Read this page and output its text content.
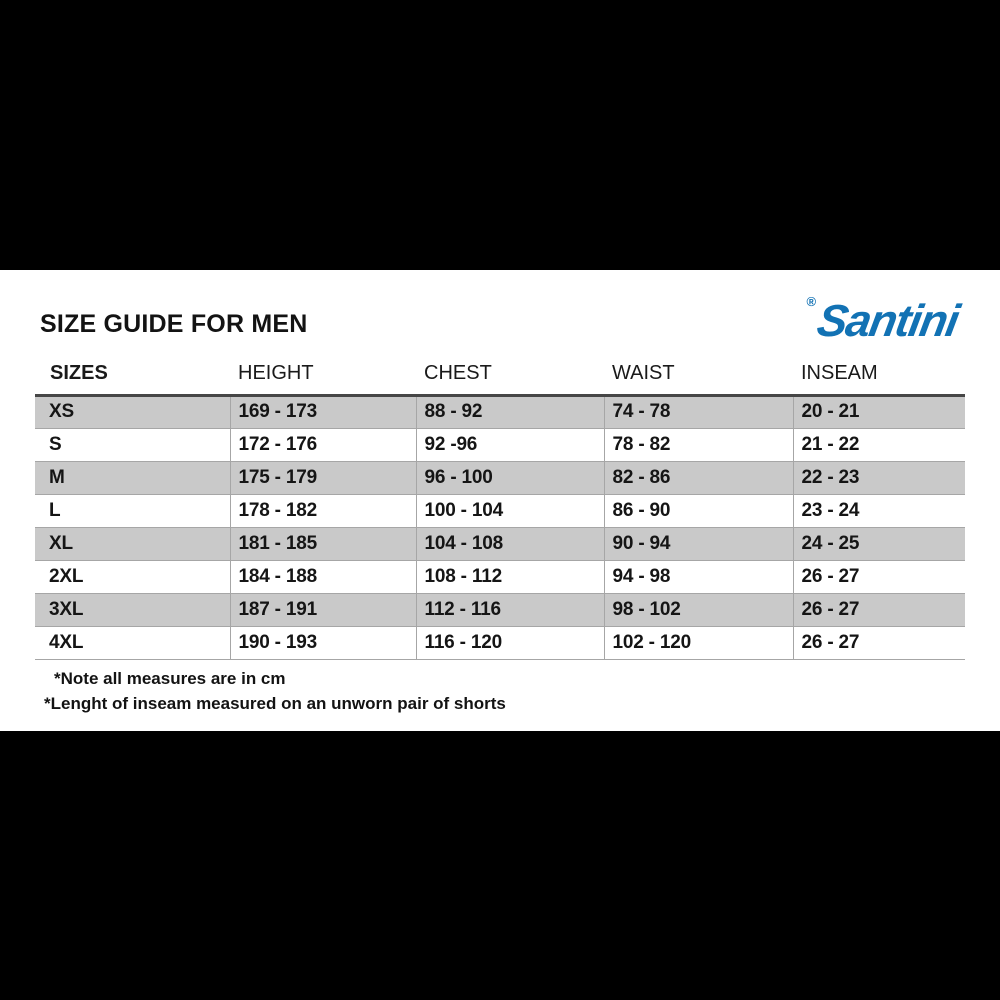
SIZE GUIDE FOR MEN
®
Santini
SIZES	HEIGHT	CHEST	WAIST	INSEAM
XS	169 - 173	88 - 92	74 - 78	20 - 21
S	172 - 176	92 -96	78 - 82	21 - 22
M	175 - 179	96 - 100	82 - 86	22 - 23
L	178 - 182	100 - 104	86 - 90	23 - 24
XL	181 - 185	104 - 108	90 - 94	24 - 25
2XL	184 - 188	108 - 112	94 - 98	26 - 27
3XL	187 - 191	112 - 116	98 - 102	26 - 27
4XL	190 - 193	116 - 120	102 - 120	26 - 27
*Note all measures are in cm
*Lenght of inseam measured on an unworn pair of shorts
